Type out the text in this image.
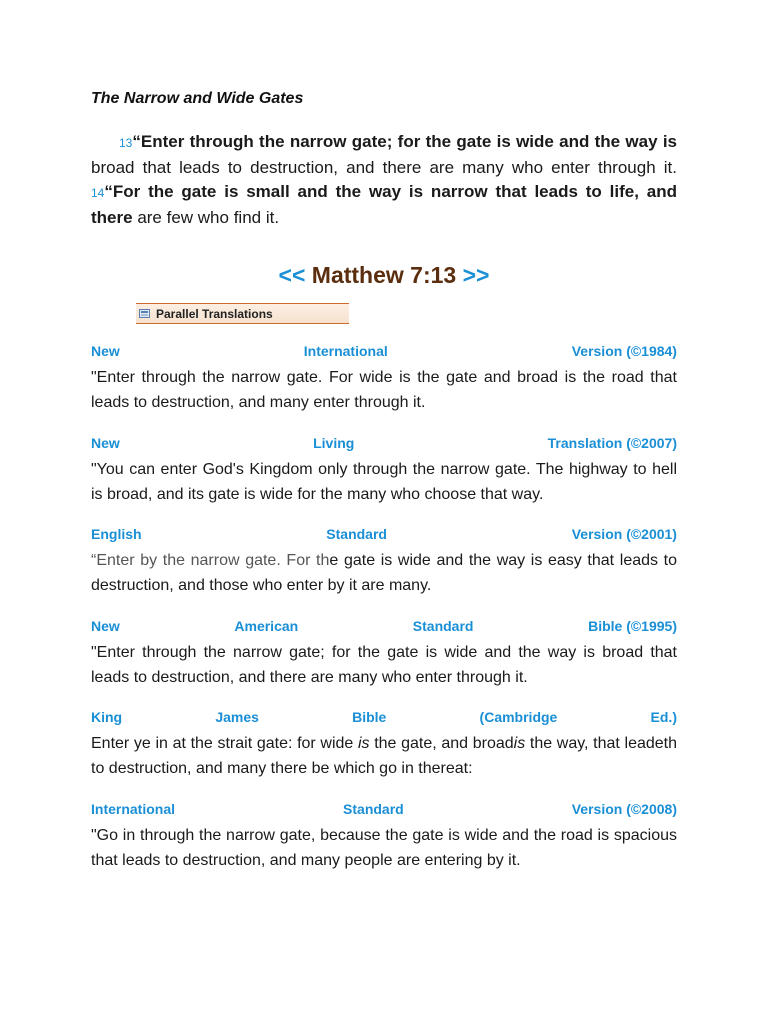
The Narrow and Wide Gates
13“Enter through the narrow gate; for the gate is wide and the way is broad that leads to destruction, and there are many who enter through it. 14“For the gate is small and the way is narrow that leads to life, and there are few who find it.
<< Matthew 7:13 >>
Parallel Translations
New	International	Version (©1984)
"Enter through the narrow gate. For wide is the gate and broad is the road that leads to destruction, and many enter through it.
New	Living	Translation (©2007)
"You can enter God's Kingdom only through the narrow gate. The highway to hell is broad, and its gate is wide for the many who choose that way.
English	Standard	Version (©2001)
“Enter by the narrow gate. For the gate is wide and the way is easy that leads to destruction, and those who enter by it are many.
New	American	Standard	Bible (©1995)
"Enter through the narrow gate; for the gate is wide and the way is broad that leads to destruction, and there are many who enter through it.
King	James	Bible	(Cambridge	Ed.)
Enter ye in at the strait gate: for wide is the gate, and broadis the way, that leadeth to destruction, and many there be which go in thereat:
International	Standard	Version (©2008)
"Go in through the narrow gate, because the gate is wide and the road is spacious that leads to destruction, and many people are entering by it.
